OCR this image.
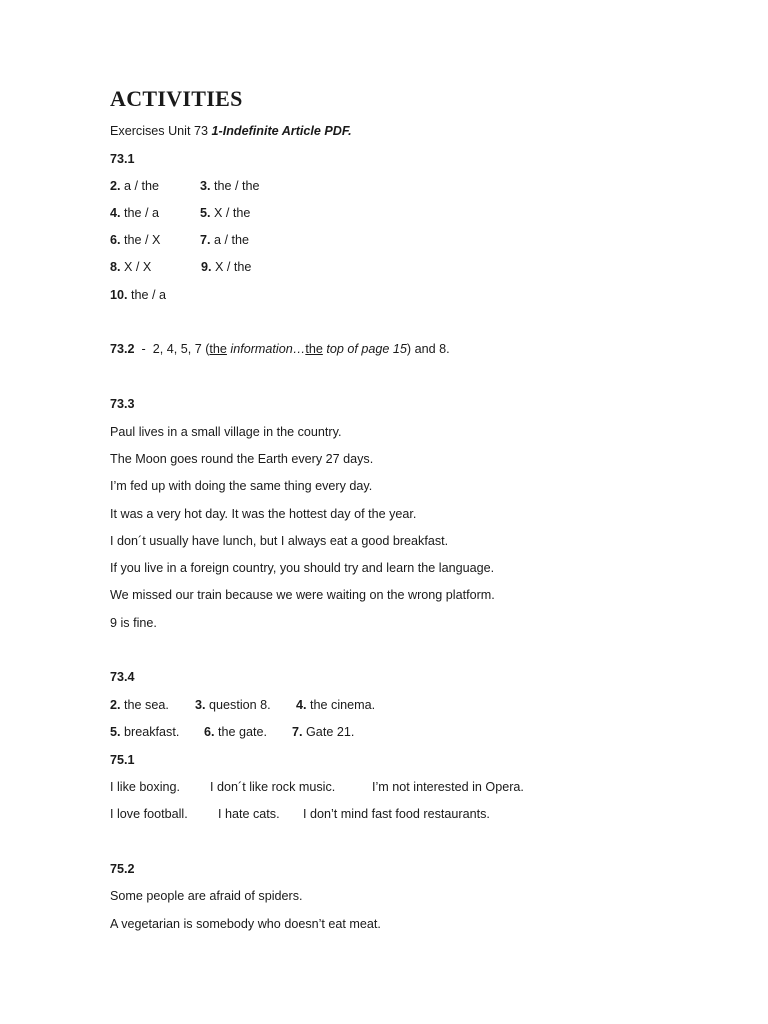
ACTIVITIES
Exercises Unit 73 1-Indefinite Article PDF.
73.1
2. a / the	3. the / the
4. the / a	5. X / the
6. the / X	7. a / the
8. X / X	9. X / the
10. the / a
73.2  -  2, 4, 5, 7 (the information…the top of page 15) and 8.
73.3
Paul lives in a small village in the country.
The Moon goes round the Earth every 27 days.
I’m fed up with doing the same thing every day.
It was a very hot day. It was the hottest day of the year.
I don´t usually have lunch, but I always eat a good breakfast.
If you live in a foreign country, you should try and learn the language.
We missed our train because we were waiting on the wrong platform.
9 is fine.
73.4
2. the sea. 3. question 8. 4. the cinema.
5. breakfast. 6. the gate. 7. Gate 21.
75.1
I like boxing. I don´t like rock music.	I’m not interested in Opera.
I love football. I hate cats. I don’t mind fast food restaurants.
75.2
Some people are afraid of spiders.
A vegetarian is somebody who doesn’t eat meat.
